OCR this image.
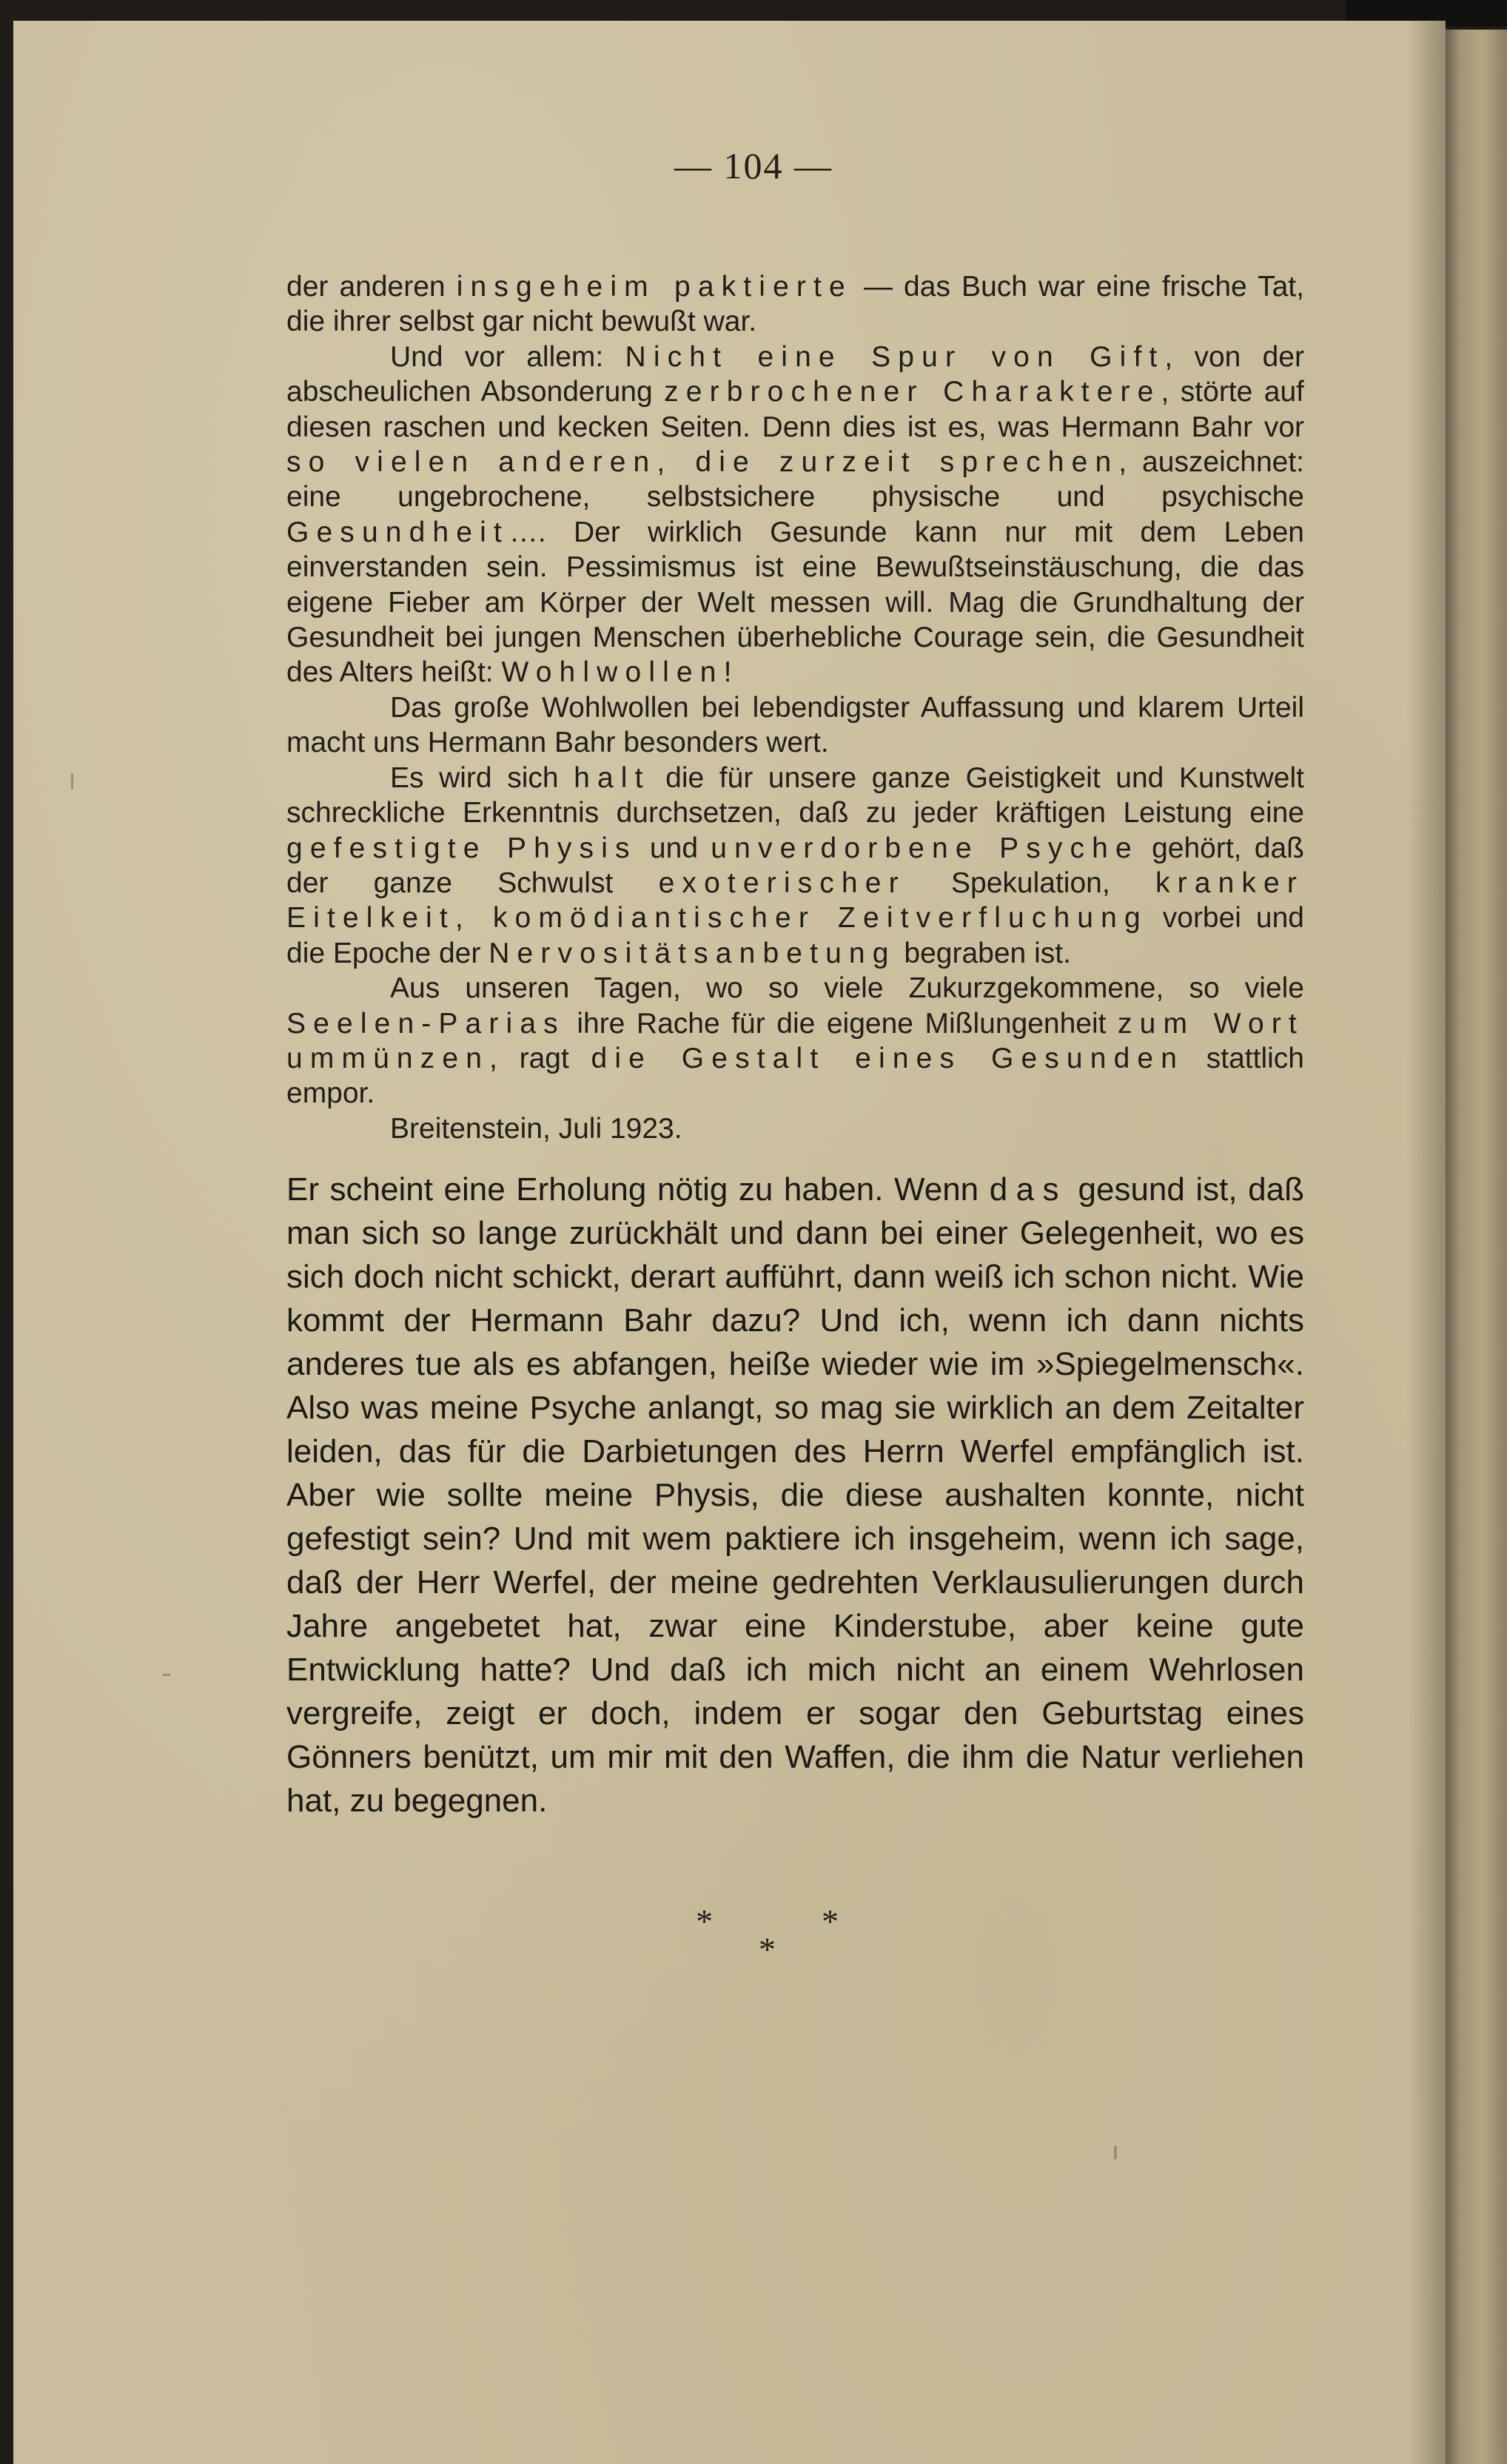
— 104 —

der anderen insgeheim paktierte — das Buch war eine frische Tat, die ihrer selbst gar nicht bewußt war.

Und vor allem: Nicht eine Spur von Gift, von der abscheulichen Absonderung zerbrochener Charaktere, störte auf diesen raschen und kecken Seiten. Denn dies ist es, was Hermann Bahr vor so vielen anderen, die zurzeit sprechen, auszeichnet: eine ungebrochene, selbstsichere physische und psychische Gesundheit…. Der wirklich Gesunde kann nur mit dem Leben einverstanden sein. Pessimismus ist eine Bewußtseinstäuschung, die das eigene Fieber am Körper der Welt messen will. Mag die Grundhaltung der Gesundheit bei jungen Menschen überhebliche Courage sein, die Gesundheit des Alters heißt: Wohlwollen!

Das große Wohlwollen bei lebendigster Auffassung und klarem Urteil macht uns Hermann Bahr besonders wert.

Es wird sich halt die für unsere ganze Geistigkeit und Kunstwelt schreckliche Erkenntnis durchsetzen, daß zu jeder kräftigen Leistung eine gefestigte Physis und unverdorbene Psyche gehört, daß der ganze Schwulst exoterischer Spekulation, kranker Eitelkeit, komödiantischer Zeitverfluchung vorbei und die Epoche der Nervositätsanbetung begraben ist.

Aus unseren Tagen, wo so viele Zukurzgekommene, so viele Seelen-Parias ihre Rache für die eigene Mißlungenheit zum Wort ummünzen, ragt die Gestalt eines Gesunden stattlich empor.

Breitenstein, Juli 1923.

Er scheint eine Erholung nötig zu haben. Wenn das gesund ist, daß man sich so lange zurückhält und dann bei einer Gelegenheit, wo es sich doch nicht schickt, derart aufführt, dann weiß ich schon nicht. Wie kommt der Hermann Bahr dazu? Und ich, wenn ich dann nichts anderes tue als es abfangen, heiße wieder wie im »Spiegelmensch«. Also was meine Psyche anlangt, so mag sie wirklich an dem Zeitalter leiden, das für die Darbietungen des Herrn Werfel empfänglich ist. Aber wie sollte meine Physis, die diese aushalten konnte, nicht gefestigt sein? Und mit wem paktiere ich insgeheim, wenn ich sage, daß der Herr Werfel, der meine gedrehten Verklausulierungen durch Jahre angebetet hat, zwar eine Kinderstube, aber keine gute Entwicklung hatte? Und daß ich mich nicht an einem Wehrlosen vergreife, zeigt er doch, indem er sogar den Geburtstag eines Gönners benützt, um mir mit den Waffen, die ihm die Natur verliehen hat, zu begegnen.

*	*
*
